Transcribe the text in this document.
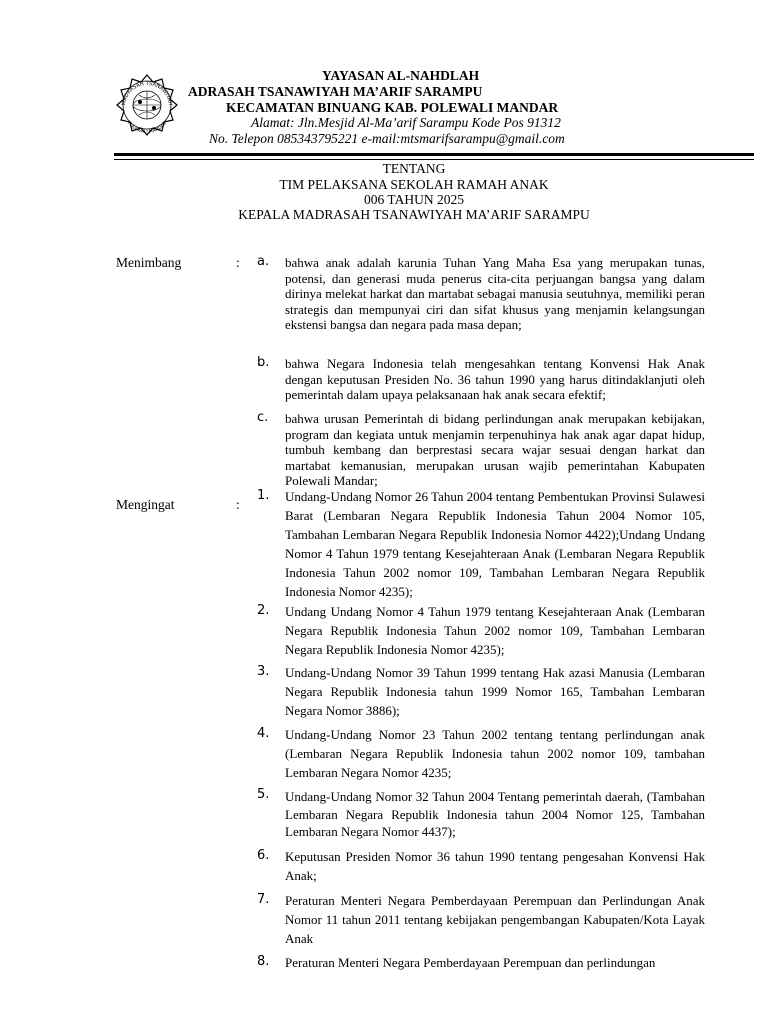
MADRASAH TSANAWIYAH
POLEWALI MANDAR
YAYASAN AL-NAHDLAH
ADRASAH TSANAWIYAH MA’ARIF SARAMPU
KECAMATAN BINUANG KAB. POLEWALI MANDAR
Alamat: Jln.Mesjid Al-Ma’arif Sarampu Kode Pos 91312
No. Telepon 085343795221 e-mail:mtsmarifsarampu@gmail.com
TENTANG
TIM PELAKSANA SEKOLAH RAMAH ANAK
006 TAHUN 2025
KEPALA MADRASAH TSANAWIYAH MA’ARIF SARAMPU
Menimbang	: a.	bahwa anak adalah karunia Tuhan Yang Maha Esa yang merupakan tunas, potensi, dan generasi muda penerus cita-cita perjuangan bangsa yang dalam dirinya melekat harkat dan martabat sebagai manusia seutuhnya, memiliki peran strategis dan mempunyai ciri dan sifat khusus yang menjamin kelangsungan ekstensi bangsa dan negara pada masa depan;
b.	bahwa Negara Indonesia telah mengesahkan tentang Konvensi Hak Anak dengan keputusan Presiden No. 36 tahun 1990 yang harus ditindaklanjuti oleh pemerintah dalam upaya pelaksanaan hak anak secara efektif;
c.	bahwa urusan Pemerintah di bidang perlindungan anak merupakan kebijakan, program dan kegiata untuk menjamin terpenuhinya hak anak agar dapat hidup, tumbuh kembang dan berprestasi secara wajar sesuai dengan harkat dan martabat kemanusian, merupakan urusan wajib pemerintahan Kabupaten Polewali Mandar;
Mengingat	:
1.	Undang-Undang Nomor 26 Tahun 2004 tentang Pembentukan Provinsi Sulawesi Barat (Lembaran Negara Republik Indonesia Tahun 2004 Nomor 105, Tambahan Lembaran Negara Republik Indonesia Nomor 4422);Undang Undang Nomor 4 Tahun 1979 tentang Kesejahteraan Anak (Lembaran Negara Republik Indonesia Tahun 2002 nomor 109, Tambahan Lembaran Negara Republik Indonesia Nomor 4235);
2.	Undang Undang Nomor 4 Tahun 1979 tentang Kesejahteraan Anak (Lembaran Negara Republik Indonesia Tahun 2002 nomor 109, Tambahan Lembaran Negara Republik Indonesia Nomor 4235);
3.	Undang-Undang Nomor 39 Tahun 1999 tentang Hak azasi Manusia (Lembaran Negara Republik Indonesia tahun 1999 Nomor 165, Tambahan Lembaran Negara Nomor 3886);
4.	Undang-Undang Nomor 23 Tahun 2002 tentang tentang perlindungan anak (Lembaran Negara Republik Indonesia tahun 2002 nomor 109, tambahan Lembaran Negara Nomor 4235;
5.	Undang-Undang Nomor 32 Tahun 2004 Tentang pemerintah daerah, (Tambahan Lembaran Negara Republik Indonesia tahun 2004 Nomor 125, Tambahan Lembaran Negara Nomor 4437);
6.	Keputusan Presiden Nomor 36 tahun 1990 tentang pengesahan Konvensi Hak Anak;
7.	Peraturan Menteri Negara Pemberdayaan Perempuan dan Perlindungan Anak Nomor 11 tahun 2011 tentang kebijakan pengembangan Kabupaten/Kota Layak Anak
8.	Peraturan Menteri Negara Pemberdayaan Perempuan dan perlindungan
